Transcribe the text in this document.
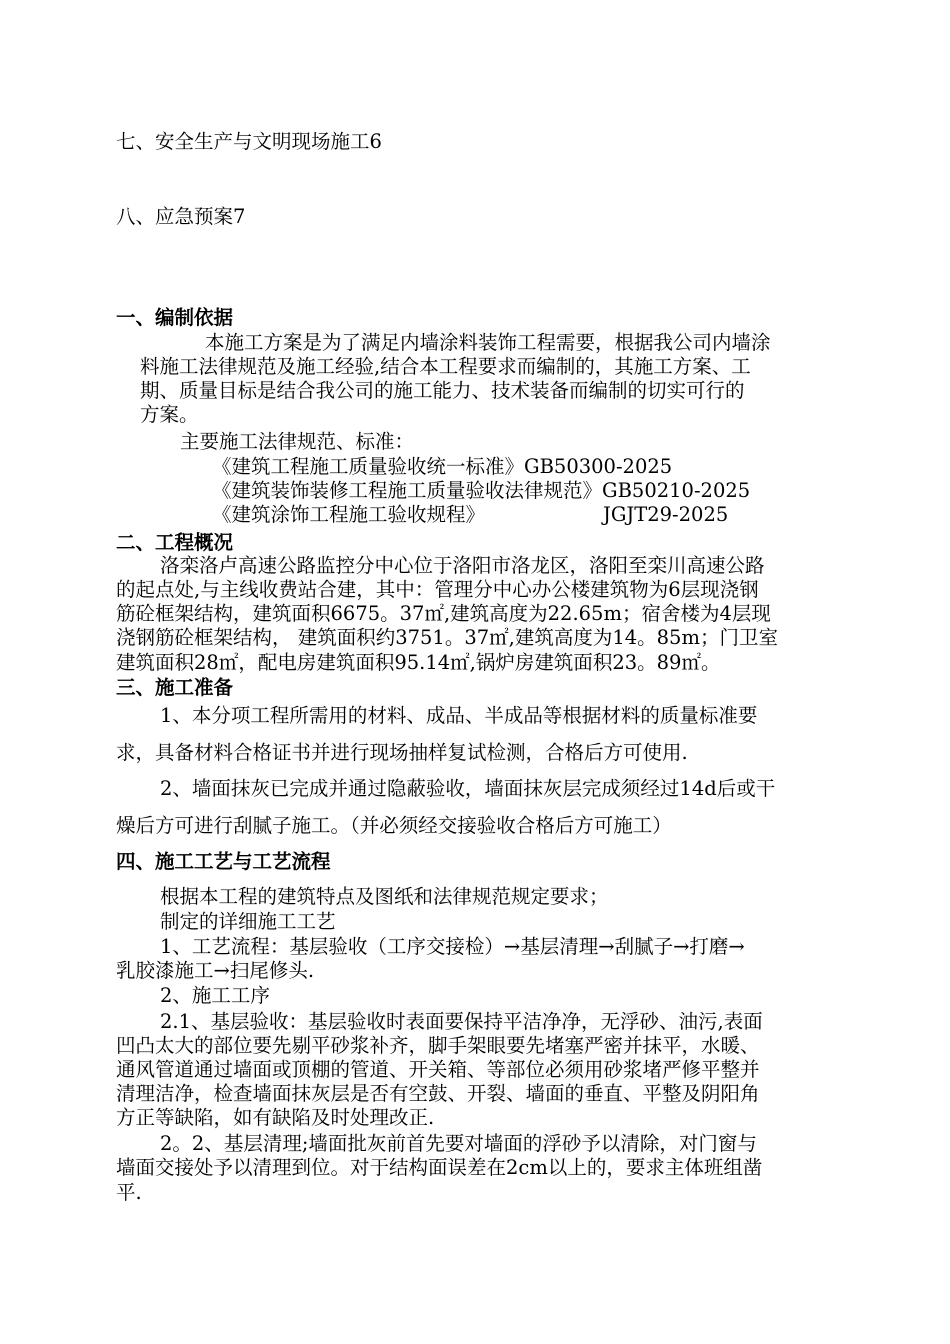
七、安全生产与文明现场施工6
八、应急预案7
一、编制依据
本施工方案是为了满足内墙涂料装饰工程需要，根据我公司内墙涂
料施工法律规范及施工经验,结合本工程要求而编制的，其施工方案、工
期、质量目标是结合我公司的施工能力、技术装备而编制的切实可行的
方案。
主要施工法律规范、标准：
《建筑工程施工质量验收统一标准》GB50300-2025
《建筑装饰装修工程施工质量验收法律规范》GB50210-2025
《建筑涂饰工程施工验收规程》	JGJT29-2025
二、工程概况
洛栾洛卢高速公路监控分中心位于洛阳市洛龙区，洛阳至栾川高速公路
的起点处,与主线收费站合建，其中：管理分中心办公楼建筑物为6层现浇钢
筋砼框架结构，建筑面积6675。37㎡,建筑高度为22.65m；宿舍楼为4层现
浇钢筋砼框架结构， 建筑面积约3751。37㎡,建筑高度为14。85m；门卫室
建筑面积28㎡，配电房建筑面积95.14㎡,锅炉房建筑面积23。89㎡。
三、施工准备
1、本分项工程所需用的材料、成品、半成品等根据材料的质量标准要
求，具备材料合格证书并进行现场抽样复试检测，合格后方可使用.
2、墙面抹灰已完成并通过隐蔽验收，墙面抹灰层完成须经过14d后或干
燥后方可进行刮腻子施工。（并必须经交接验收合格后方可施工）
四、施工工艺与工艺流程
根据本工程的建筑特点及图纸和法律规范规定要求；
制定的详细施工工艺
1、工艺流程：基层验收（工序交接检）→基层清理→刮腻子→打磨→
乳胶漆施工→扫尾修头.
2、施工工序
2.1、基层验收：基层验收时表面要保持平洁净净，无浮砂、油污,表面
凹凸太大的部位要先剔平砂浆补齐，脚手架眼要先堵塞严密并抹平，水暖、
通风管道通过墙面或顶棚的管道、开关箱、等部位必须用砂浆堵严修平整并
清理洁净，检查墙面抹灰层是否有空鼓、开裂、墙面的垂直、平整及阴阳角
方正等缺陷，如有缺陷及时处理改正.
2。2、基层清理;墙面批灰前首先要对墙面的浮砂予以清除，对门窗与
墙面交接处予以清理到位。对于结构面误差在2cm以上的，要求主体班组凿
平.
